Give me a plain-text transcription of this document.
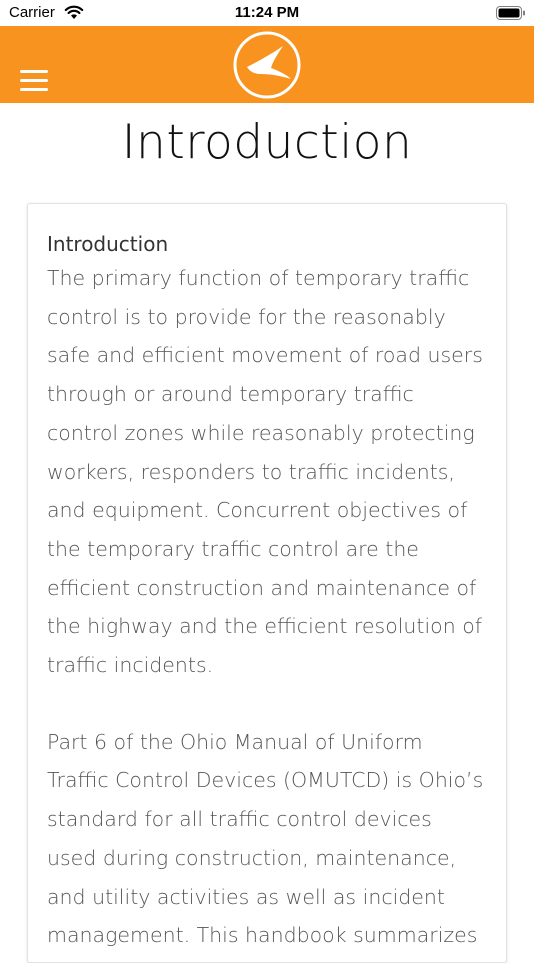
Carrier	11:24 PM
Introduction
Introduction

The primary function of temporary traffic control is to provide for the reasonably safe and efficient movement of road users through or around temporary traffic control zones while reasonably protecting workers, responders to traffic incidents, and equipment. Concurrent objectives of the temporary traffic control are the efficient construction and maintenance of the highway and the efficient resolution of traffic incidents.

Part 6 of the Ohio Manual of Uniform Traffic Control Devices (OMUTCD) is Ohio’s standard for all traffic control devices used during construction, maintenance, and utility activities as well as incident management. This handbook summarizes
